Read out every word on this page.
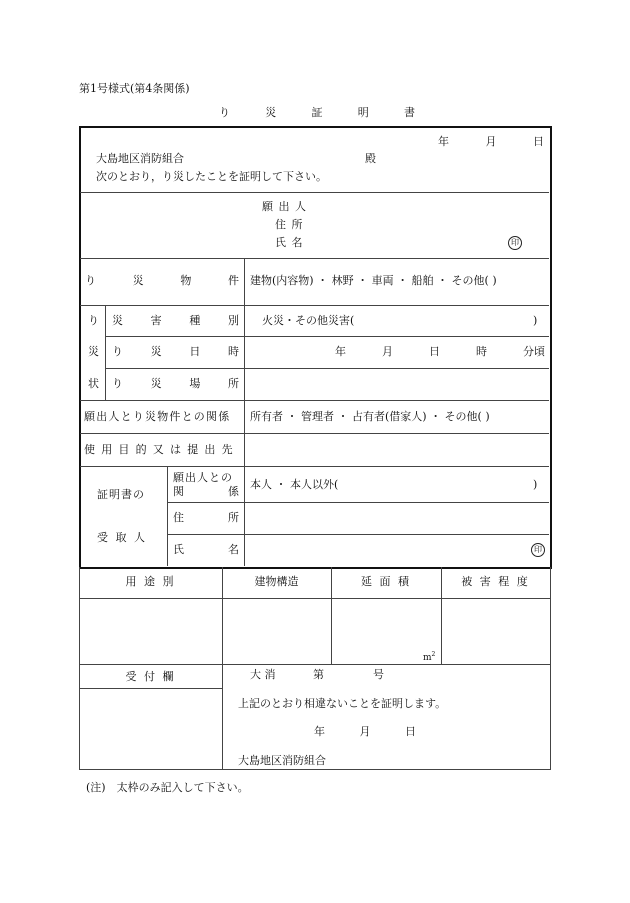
第1号様式(第4条関係)
り	災	証	明	書
年	月	日
大島地区消防組合	殿
次のとおり，り災したことを証明して下さい。
願 出 人
住 所
氏 名	印
り	災	物	件 建物(内容物) ・ 林野 ・ 車両 ・ 船舶 ・ その他( )
り
災
状
災	害	種	別 火災・その他災害(	)
り	災	日	時	年	月	日	時	分頃
り	災	場	所
願出人とり災物件との関係 所有者 ・ 管理者 ・ 占有者(借家人) ・ その他( )
使用目的又は提出先
証明書の
受 取 人
願出人との
関	係
本人 ・ 本人以外(	)
住	所
氏	名	印
用 途 別	建物構造	延 面 積	被 害 程 度
$m^2$
受 付 欄	大 消	第	号
上記のとおり相違ないことを証明します。
年	月	日
大島地区消防組合
(注)　太枠のみ記入して下さい。
